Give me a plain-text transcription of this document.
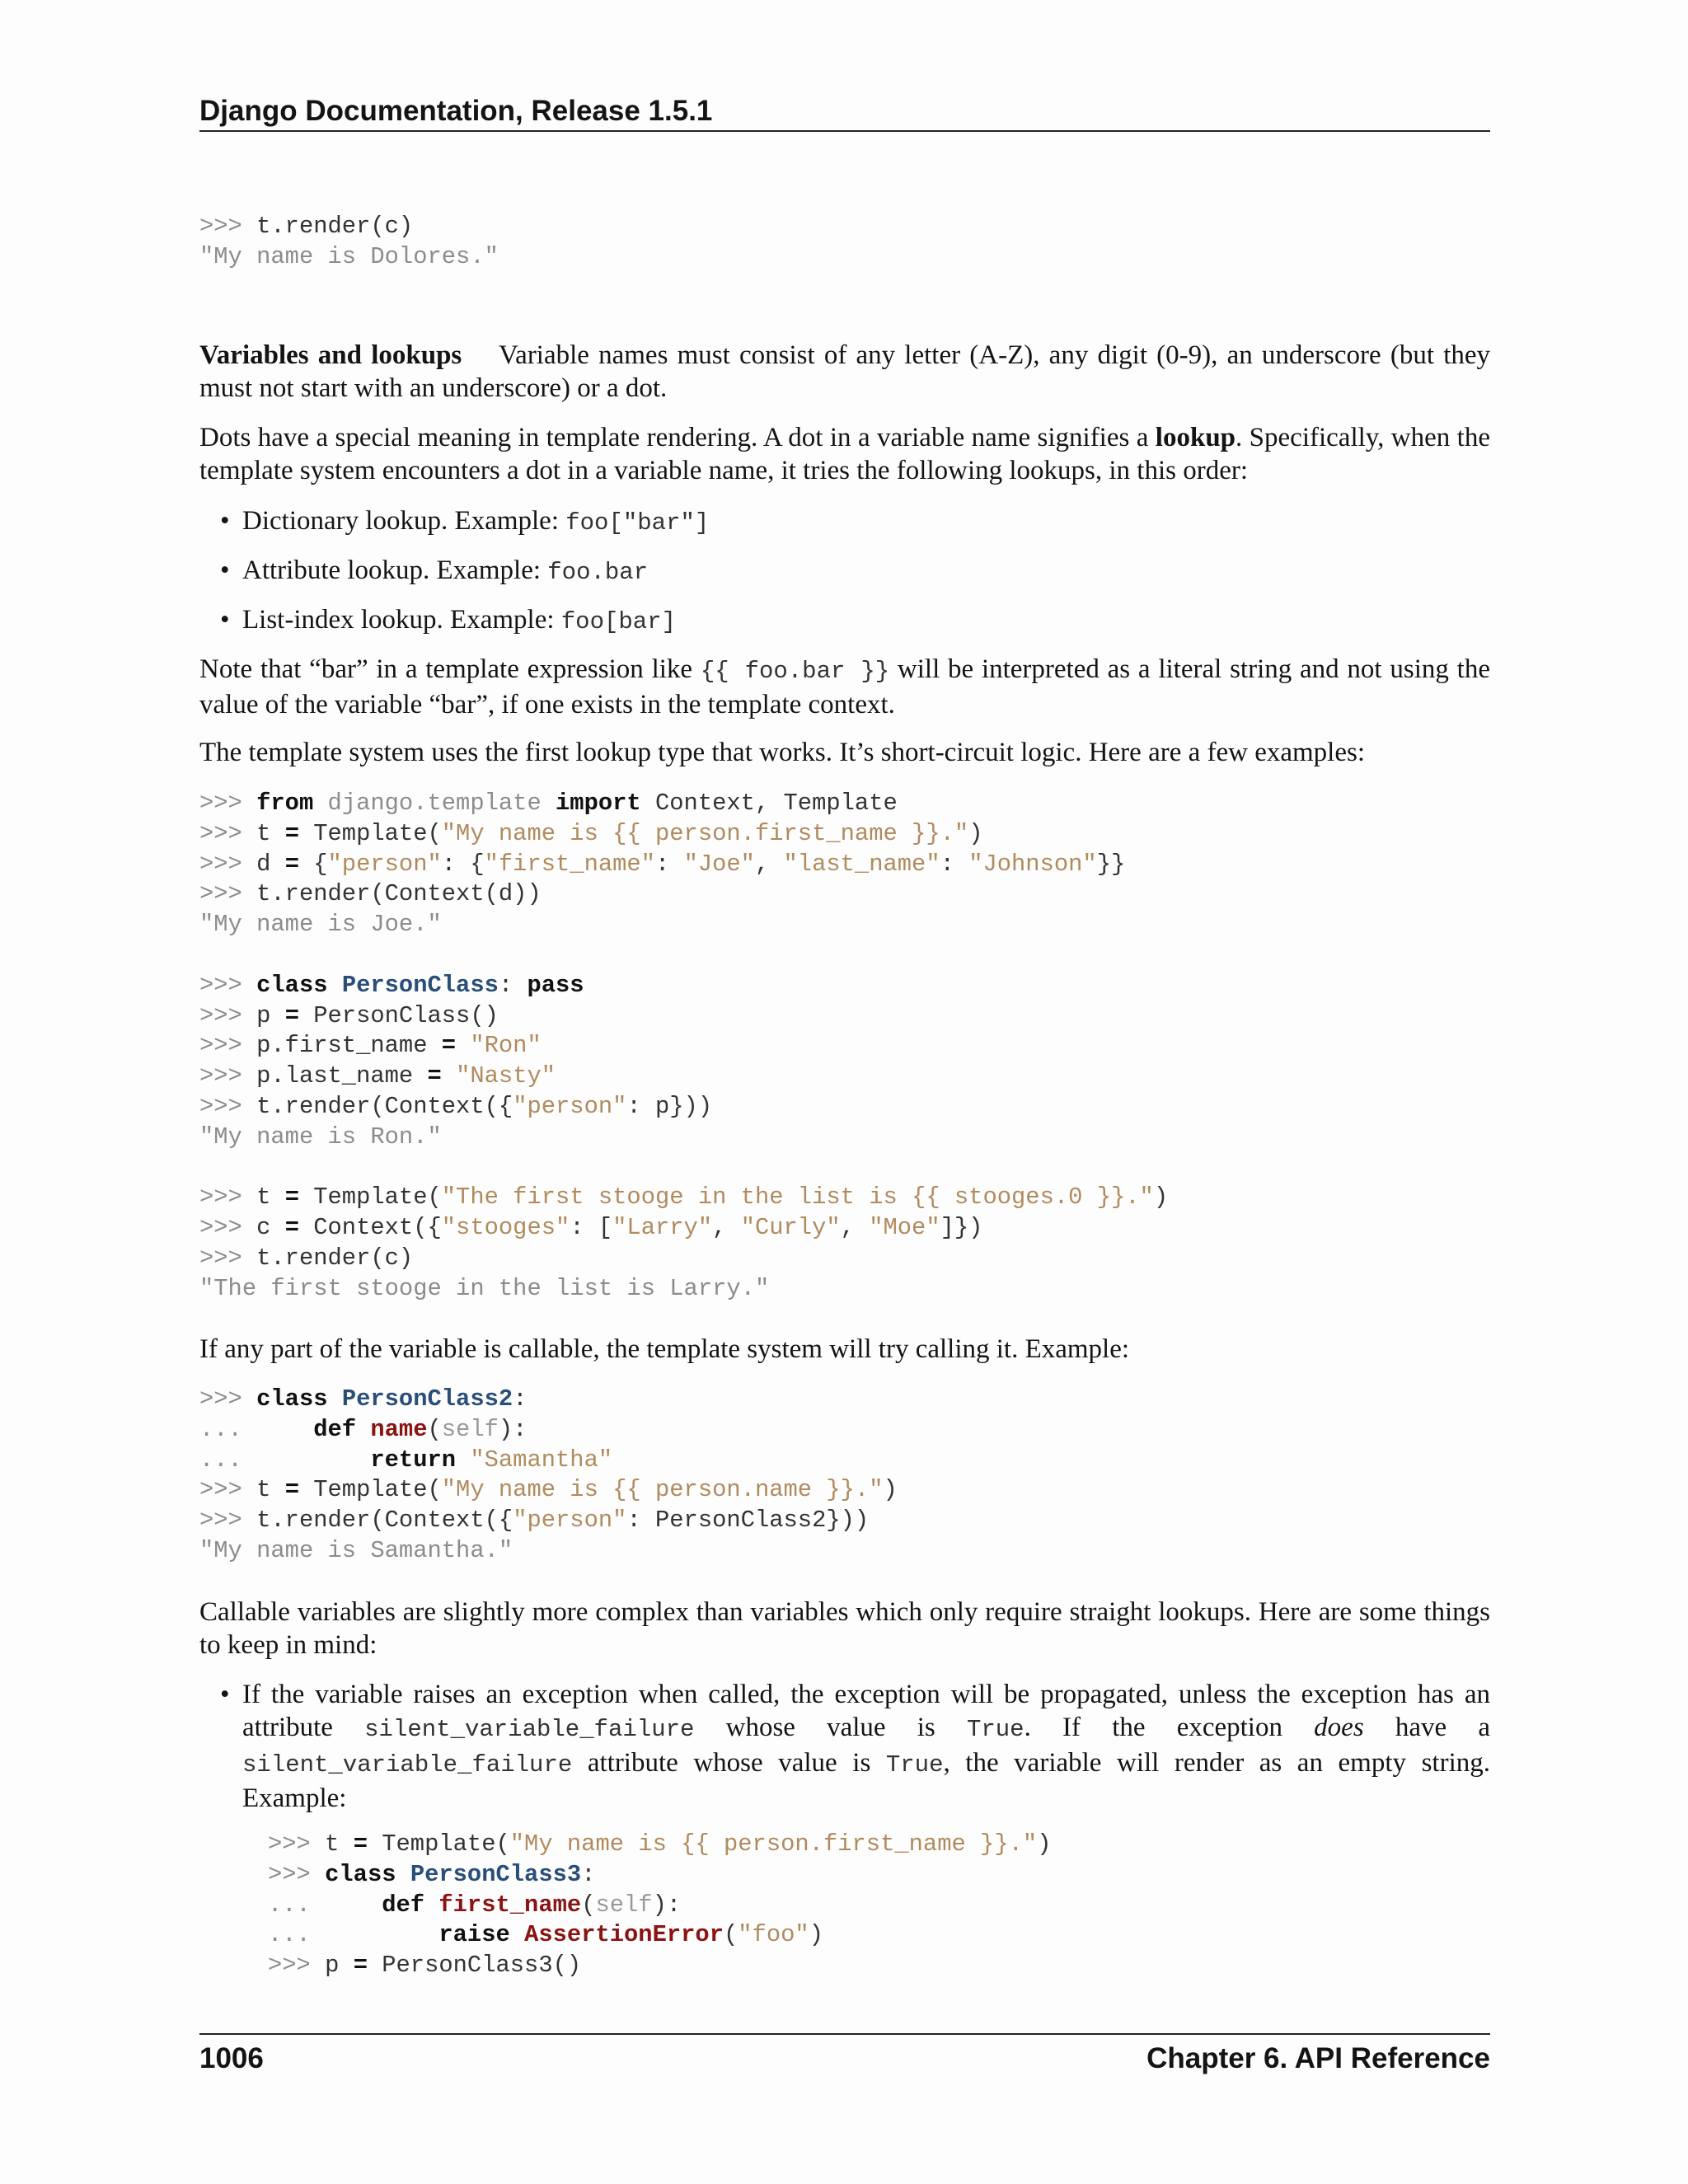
Django Documentation, Release 1.5.1
>>> t.render(c)
"My name is Dolores."

Variables and lookups Variable names must consist of any letter (A-Z), any digit (0-9), an underscore (but they must not start with an underscore) or a dot.

Dots have a special meaning in template rendering. A dot in a variable name signifies a lookup. Specifically, when the template system encounters a dot in a variable name, it tries the following lookups, in this order:

• Dictionary lookup. Example: foo["bar"]

• Attribute lookup. Example: foo.bar

• List-index lookup. Example: foo[bar]

Note that “bar” in a template expression like {{ foo.bar }} will be interpreted as a literal string and not using the value of the variable “bar”, if one exists in the template context.

The template system uses the first lookup type that works. It’s short-circuit logic. Here are a few examples:

>>> from django.template import Context, Template
>>> t = Template("My name is {{ person.first_name }}.")
>>> d = {"person": {"first_name": "Joe", "last_name": "Johnson"}}
>>> t.render(Context(d))
"My name is Joe."
>>> class PersonClass: pass
>>> p = PersonClass()
>>> p.first_name = "Ron"
>>> p.last_name = "Nasty"
>>> t.render(Context({"person": p}))
"My name is Ron."
>>> t = Template("The first stooge in the list is {{ stooges.0 }}.")
>>> c = Context({"stooges": ["Larry", "Curly", "Moe"]})
>>> t.render(c)
"The first stooge in the list is Larry."

If any part of the variable is callable, the template system will try calling it. Example:

>>> class PersonClass2:
...     def name(self):
...	return "Samantha"
>>> t = Template("My name is {{ person.name }}.")
>>> t.render(Context({"person": PersonClass2}))
"My name is Samantha."

Callable variables are slightly more complex than variables which only require straight lookups. Here are some things to keep in mind:

• If the variable raises an exception when called, the exception will be propagated, unless the exception has an attribute silent_variable_failure whose value is True. If the exception does have a silent_variable_failure attribute whose value is True, the variable will render as an empty string. Example:

>>> t = Template("My name is {{ person.first_name }}.")
>>> class PersonClass3:
...     def first_name(self):
...	raise AssertionError("foo")
>>> p = PersonClass3()
1006	Chapter 6. API Reference
